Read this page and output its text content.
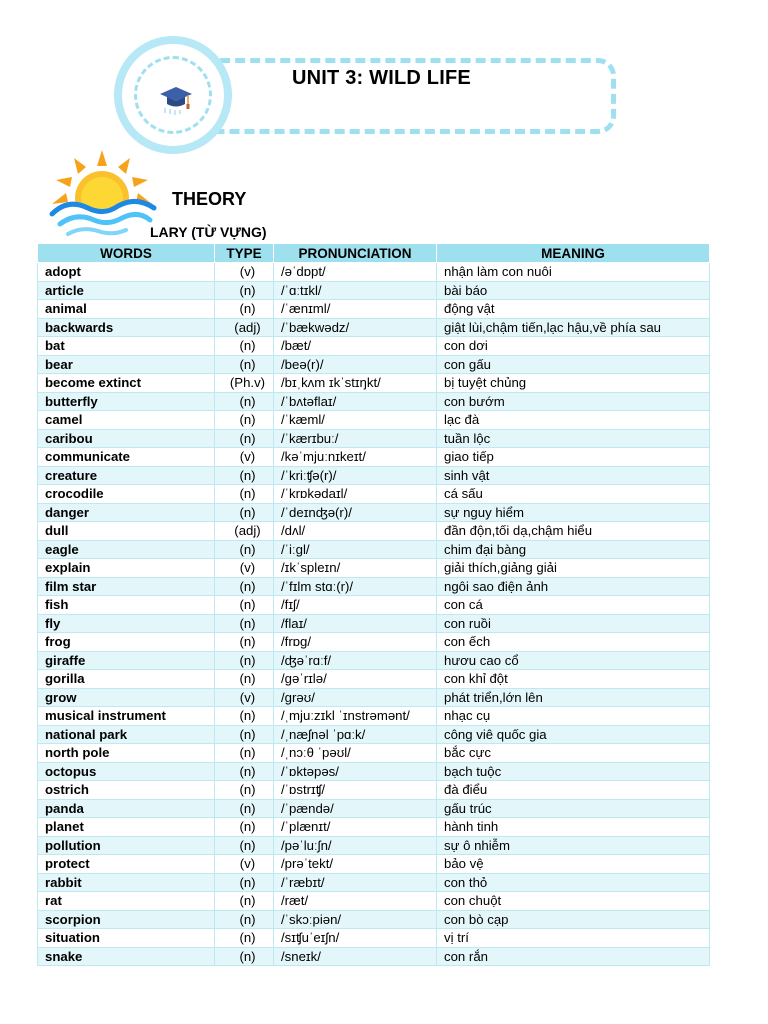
UNIT 3: WILD LIFE
THEORY
LARY (TỪ VỰNG)
WORDS	TYPE	PRONUNCIATION	MEANING
adopt	(v)	/əˈdɒpt/	nhận làm con nuôi
article	(n)	/ˈɑːtɪkl/	bài báo
animal	(n)	/ˈænɪml/	động vật
backwards	(adj)	/ˈbækwədz/	giật lùi,chậm tiến,lạc hậu,về phía sau
bat	(n)	/bæt/	con dơi
bear	(n)	/beə(r)/	con gấu
become extinct	(Ph.v)	/bɪˌkʌm ɪkˈstɪŋkt/	bị tuyệt chủng
butterfly	(n)	/ˈbʌtəflaɪ/	con bướm
camel	(n)	/ˈkæml/	lạc đà
caribou	(n)	/ˈkærɪbuː/	tuần lộc
communicate	(v)	/kəˈmjuːnɪkeɪt/	giao tiếp
creature	(n)	/ˈkriːʧə(r)/	sinh vật
crocodile	(n)	/ˈkrɒkədaɪl/	cá sấu
danger	(n)	/ˈdeɪnʤə(r)/	sự nguy hiểm
dull	(adj)	/dʌl/	đần độn,tối dạ,chậm hiểu
eagle	(n)	/ˈiːgl/	chim đại bàng
explain	(v)	/ɪkˈspleɪn/	giải thích,giảng giải
film star	(n)	/ˈfɪlm stɑː(r)/	ngôi sao điện ảnh
fish	(n)	/fɪʃ/	con cá
fly	(n)	/flaɪ/	con ruồi
frog	(n)	/frɒg/	con ếch
giraffe	(n)	/ʤəˈrɑːf/	hươu cao cổ
gorilla	(n)	/gəˈrɪlə/	con khỉ đột
grow	(v)	/grəʊ/	phát triển,lớn lên
musical instrument	(n)	/ˌmjuːzɪkl ˈɪnstrəmənt/	nhạc cụ
national park	(n)	/ˌnæʃnəl ˈpɑːk/	công viê quốc gia
north pole	(n)	/ˌnɔːθ ˈpəʊl/	bắc cực
octopus	(n)	/ˈɒktəpəs/	bạch tuộc
ostrich	(n)	/ˈɒstrɪʧ/	đà điểu
panda	(n)	/ˈpændə/	gấu trúc
planet	(n)	/ˈplænɪt/	hành tinh
pollution	(n)	/pəˈluːʃn/	sự ô nhiễm
protect	(v)	/prəˈtekt/	bảo vệ
rabbit	(n)	/ˈræbɪt/	con thỏ
rat	(n)	/ræt/	con chuột
scorpion	(n)	/ˈskɔːpiən/	con bò cạp
situation	(n)	/sɪʧuˈeɪʃn/	vị trí
snake	(n)	/sneɪk/	con rắn
